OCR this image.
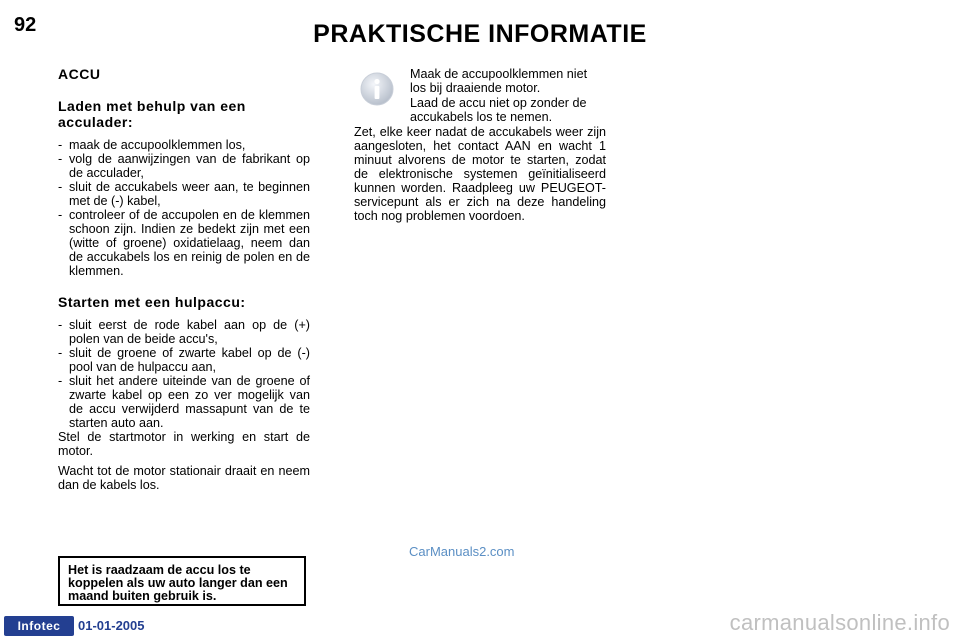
92	PRAKTISCHE INFORMATIE
ACCU
Laden met behulp van een acculader:
- maak de accupoolklemmen los,
- volg de aanwijzingen van de fabrikant op de acculader,
- sluit de accukabels weer aan, te beginnen met de (-) kabel,
- controleer of de accupolen en de klemmen schoon zijn. Indien ze bedekt zijn met een (witte of groene) oxidatielaag, neem dan de accukabels los en reinig de polen en de klemmen.
Starten met een hulpaccu:
- sluit eerst de rode kabel aan op de (+) polen van de beide accu's,
- sluit de groene of zwarte kabel op de (-) pool van de hulpaccu aan,
- sluit het andere uiteinde van de groene of zwarte kabel op een zo ver mogelijk van de accu verwijderd massapunt van de te starten auto aan.

Stel de startmotor in werking en start de motor.

Wacht tot de motor stationair draait en neem dan de kabels los.

Het is raadzaam de accu los te koppelen als uw auto langer dan een maand buiten gebruik is.
Maak de accupoolklemmen niet los bij draaiende motor.
Laad de accu niet op zonder de accukabels los te nemen.

Zet, elke keer nadat de accukabels weer zijn aangesloten, het contact AAN en wacht 1 minuut alvorens de motor te starten, zodat de elektronische systemen geïnitialiseerd kunnen worden. Raadpleeg uw PEUGEOT-servicepunt als er zich na deze handeling toch nog problemen voordoen.

CarManuals2.com
Infotec	01-01-2005	carmanualsonline.info
